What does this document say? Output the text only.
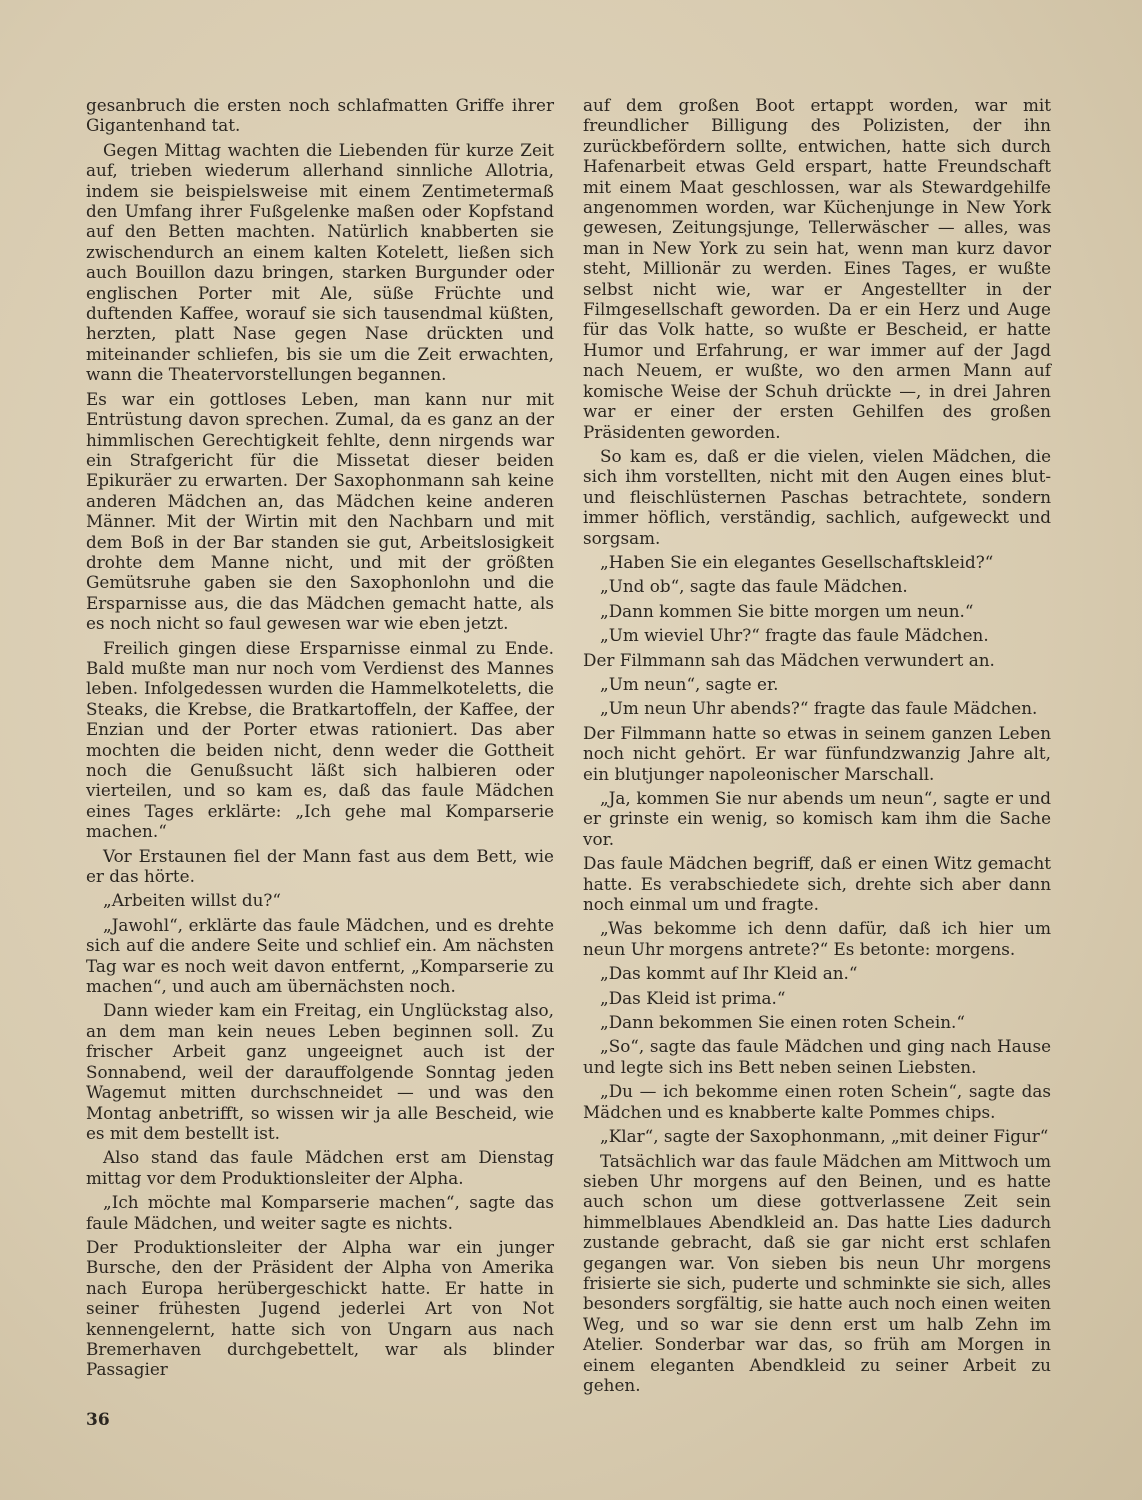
gesanbruch die ersten noch schlafmatten Griffe ihrer Gigantenhand tat.

Gegen Mittag wachten die Liebenden für kurze Zeit auf, trieben wiederum allerhand sinnliche Allotria, indem sie beispielsweise mit einem Zentimetermaß den Umfang ihrer Fußgelenke maßen oder Kopfstand auf den Betten machten. Natürlich knabberten sie zwischendurch an einem kalten Kotelett, ließen sich auch Bouillon dazu bringen, starken Burgunder oder englischen Porter mit Ale, süße Früchte und duftenden Kaffee, worauf sie sich tausendmal küßten, herzten, platt Nase gegen Nase drückten und miteinander schliefen, bis sie um die Zeit erwachten, wann die Theatervorstellungen begannen.

Es war ein gottloses Leben, man kann nur mit Entrüstung davon sprechen. Zumal, da es ganz an der himmlischen Gerechtigkeit fehlte, denn nirgends war ein Strafgericht für die Missetat dieser beiden Epikuräer zu erwarten. Der Saxophonmann sah keine anderen Mädchen an, das Mädchen keine anderen Männer. Mit der Wirtin mit den Nachbarn und mit dem Boß in der Bar standen sie gut, Arbeitslosigkeit drohte dem Manne nicht, und mit der größten Gemütsruhe gaben sie den Saxophonlohn und die Ersparnisse aus, die das Mädchen gemacht hatte, als es noch nicht so faul gewesen war wie eben jetzt.

Freilich gingen diese Ersparnisse einmal zu Ende. Bald mußte man nur noch vom Verdienst des Mannes leben. Infolgedessen wurden die Hammelkoteletts, die Steaks, die Krebse, die Bratkartoffeln, der Kaffee, der Enzian und der Porter etwas rationiert. Das aber mochten die beiden nicht, denn weder die Gottheit noch die Genußsucht läßt sich halbieren oder vierteilen, und so kam es, daß das faule Mädchen eines Tages erklärte: „Ich gehe mal Komparserie machen.“

Vor Erstaunen fiel der Mann fast aus dem Bett, wie er das hörte.

„Arbeiten willst du?“

„Jawohl“, erklärte das faule Mädchen, und es drehte sich auf die andere Seite und schlief ein. Am nächsten Tag war es noch weit davon entfernt, „Komparserie zu machen“, und auch am übernächsten noch.

Dann wieder kam ein Freitag, ein Unglückstag also, an dem man kein neues Leben beginnen soll. Zu frischer Arbeit ganz ungeeignet auch ist der Sonnabend, weil der darauffolgende Sonntag jeden Wagemut mitten durchschneidet — und was den Montag anbetrifft, so wissen wir ja alle Bescheid, wie es mit dem bestellt ist.

Also stand das faule Mädchen erst am Dienstag mittag vor dem Produktionsleiter der Alpha.

„Ich möchte mal Komparserie machen“, sagte das faule Mädchen, und weiter sagte es nichts.

Der Produktionsleiter der Alpha war ein junger Bursche, den der Präsident der Alpha von Amerika nach Europa herübergeschickt hatte. Er hatte in seiner frühesten Jugend jederlei Art von Not kennengelernt, hatte sich von Ungarn aus nach Bremerhaven durchgebettelt, war als blinder Passagier

auf dem großen Boot ertappt worden, war mit freundlicher Billigung des Polizisten, der ihn zurückbefördern sollte, entwichen, hatte sich durch Hafenarbeit etwas Geld erspart, hatte Freundschaft mit einem Maat geschlossen, war als Stewardgehilfe angenommen worden, war Küchenjunge in New York gewesen, Zeitungsjunge, Tellerwäscher — alles, was man in New York zu sein hat, wenn man kurz davor steht, Millionär zu werden. Eines Tages, er wußte selbst nicht wie, war er Angestellter in der Filmgesellschaft geworden. Da er ein Herz und Auge für das Volk hatte, so wußte er Bescheid, er hatte Humor und Erfahrung, er war immer auf der Jagd nach Neuem, er wußte, wo den armen Mann auf komische Weise der Schuh drückte —, in drei Jahren war er einer der ersten Gehilfen des großen Präsidenten geworden.

So kam es, daß er die vielen, vielen Mädchen, die sich ihm vorstellten, nicht mit den Augen eines blut- und fleischlüsternen Paschas betrachtete, sondern immer höflich, verständig, sachlich, aufgeweckt und sorgsam.

„Haben Sie ein elegantes Gesellschaftskleid?“

„Und ob“, sagte das faule Mädchen.

„Dann kommen Sie bitte morgen um neun.“

„Um wieviel Uhr?“ fragte das faule Mädchen.

Der Filmmann sah das Mädchen verwundert an.

„Um neun“, sagte er.

„Um neun Uhr abends?“ fragte das faule Mädchen.

Der Filmmann hatte so etwas in seinem ganzen Leben noch nicht gehört. Er war fünfundzwanzig Jahre alt, ein blutjunger napoleonischer Marschall.

„Ja, kommen Sie nur abends um neun“, sagte er und er grinste ein wenig, so komisch kam ihm die Sache vor.

Das faule Mädchen begriff, daß er einen Witz gemacht hatte. Es verabschiedete sich, drehte sich aber dann noch einmal um und fragte.

„Was bekomme ich denn dafür, daß ich hier um neun Uhr morgens antrete?“ Es betonte: morgens.

„Das kommt auf Ihr Kleid an.“

„Das Kleid ist prima.“

„Dann bekommen Sie einen roten Schein.“

„So“, sagte das faule Mädchen und ging nach Hause und legte sich ins Bett neben seinen Liebsten.

„Du — ich bekomme einen roten Schein“, sagte das Mädchen und es knabberte kalte Pommes chips.

„Klar“, sagte der Saxophonmann, „mit deiner Figur“

Tatsächlich war das faule Mädchen am Mittwoch um sieben Uhr morgens auf den Beinen, und es hatte auch schon um diese gottverlassene Zeit sein himmelblaues Abendkleid an. Das hatte Lies dadurch zustande gebracht, daß sie gar nicht erst schlafen gegangen war. Von sieben bis neun Uhr morgens frisierte sie sich, puderte und schminkte sie sich, alles besonders sorgfältig, sie hatte auch noch einen weiten Weg, und so war sie denn erst um halb Zehn im Atelier. Sonderbar war das, so früh am Morgen in einem eleganten Abendkleid zu seiner Arbeit zu gehen.

36
